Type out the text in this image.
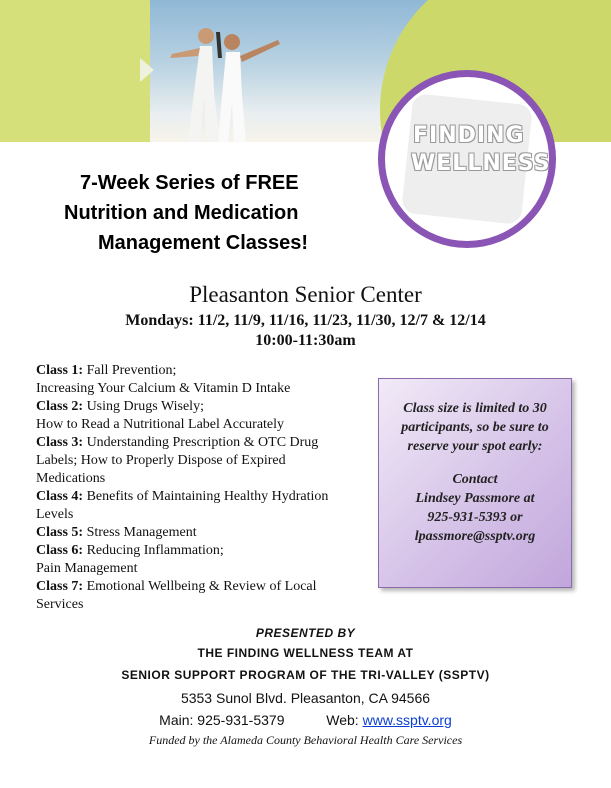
FINDING
WELLNESS
7-Week Series of FREE
Nutrition and Medication
Management Classes!
Pleasanton Senior Center
Mondays: 11/2, 11/9, 11/16, 11/23, 11/30, 12/7 & 12/14
10:00-11:30am
Class 1: Fall Prevention;
Increasing Your Calcium & Vitamin D Intake
Class 2: Using Drugs Wisely;
How to Read a Nutritional Label Accurately
Class 3: Understanding Prescription & OTC Drug
Labels; How to Properly Dispose of Expired
Medications
Class 4: Benefits of Maintaining Healthy Hydration
Levels
Class 5: Stress Management
Class 6: Reducing Inflammation;
Pain Management
Class 7: Emotional Wellbeing & Review of Local
Services
Class size is limited to 30 participants, so be sure to reserve your spot early:
Contact
Lindsey Passmore at
925-931-5393 or
lpassmore@ssptv.org
PRESENTED BY
THE FINDING WELLNESS TEAM AT
SENIOR SUPPORT PROGRAM OF THE TRI-VALLEY (SSPTV)
5353 Sunol Blvd. Pleasanton, CA 94566
Main: 925-931-5379	Web: www.ssptv.org
Funded by the Alameda County Behavioral Health Care Services
